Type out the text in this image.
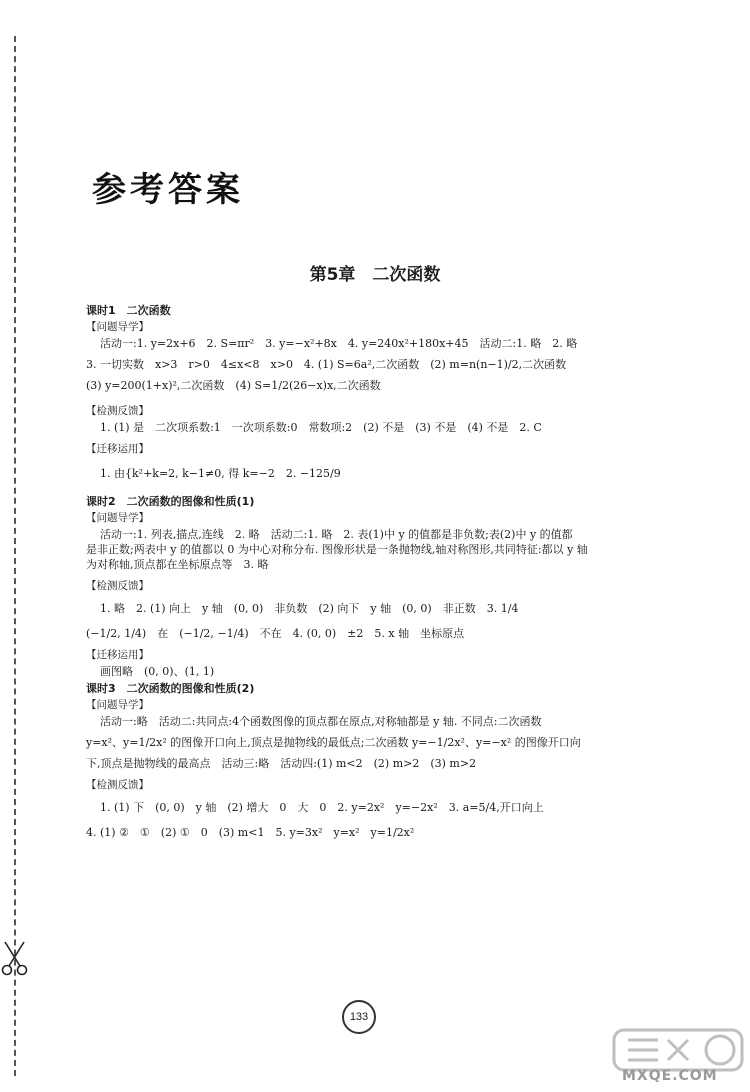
参考答案
第5章　二次函数
课时1　二次函数
【问题导学】
活动一:1. y=2x+6　2. S=πr²　3. y=−x²+8x　4. y=240x²+180x+45　活动二:1. 略　2. 略
3. 一切实数　x>3　r>0　4≤x<8　x>0　4. (1) S=6a²,二次函数　(2) m=n(n−1)/2,二次函数
(3) y=200(1+x)²,二次函数　(4) S=1/2(26−x)x,二次函数
【检测反馈】
1. (1) 是　二次项系数:1　一次项系数:0　常数项:2　(2) 不是　(3) 不是　(4) 不是　2. C
【迁移运用】
1. 由{k²+k=2, k−1≠0, 得 k=−2　2. −125/9
课时2　二次函数的图像和性质(1)
【问题导学】
活动一:1. 列表,描点,连线　2. 略　活动二:1. 略　2. 表(1)中 y 的值都是非负数;表(2)中 y 的值都
是非正数;两表中 y 的值都以 0 为中心对称分布. 图像形状是一条抛物线,轴对称图形,共同特征:都以 y 轴
为对称轴,顶点都在坐标原点等　3. 略
【检测反馈】
1. 略　2. (1) 向上　y 轴　(0, 0)　非负数　(2) 向下　y 轴　(0, 0)　非正数　3. 1/4
(−1/2, 1/4)　在　(−1/2, −1/4)　不在　4. (0, 0)　±2　5. x 轴　坐标原点
【迁移运用】
画图略　(0, 0)、(1, 1)
课时3　二次函数的图像和性质(2)
【问题导学】
活动一:略　活动二:共同点:4个函数图像的顶点都在原点,对称轴都是 y 轴. 不同点:二次函数
y=x²、y=1/2x² 的图像开口向上,顶点是抛物线的最低点;二次函数 y=−1/2x²、y=−x² 的图像开口向
下,顶点是抛物线的最高点　活动三:略　活动四:(1) m<2　(2) m>2　(3) m>2
【检测反馈】
1. (1) 下　(0, 0)　y 轴　(2) 增大　0　大　0　2. y=2x²　y=−2x²　3. a=5/4,开口向上
4. (1) ②　①　(2) ①　0　(3) m<1　5. y=3x²　y=x²　y=1/2x²
133
MXQE.COM
